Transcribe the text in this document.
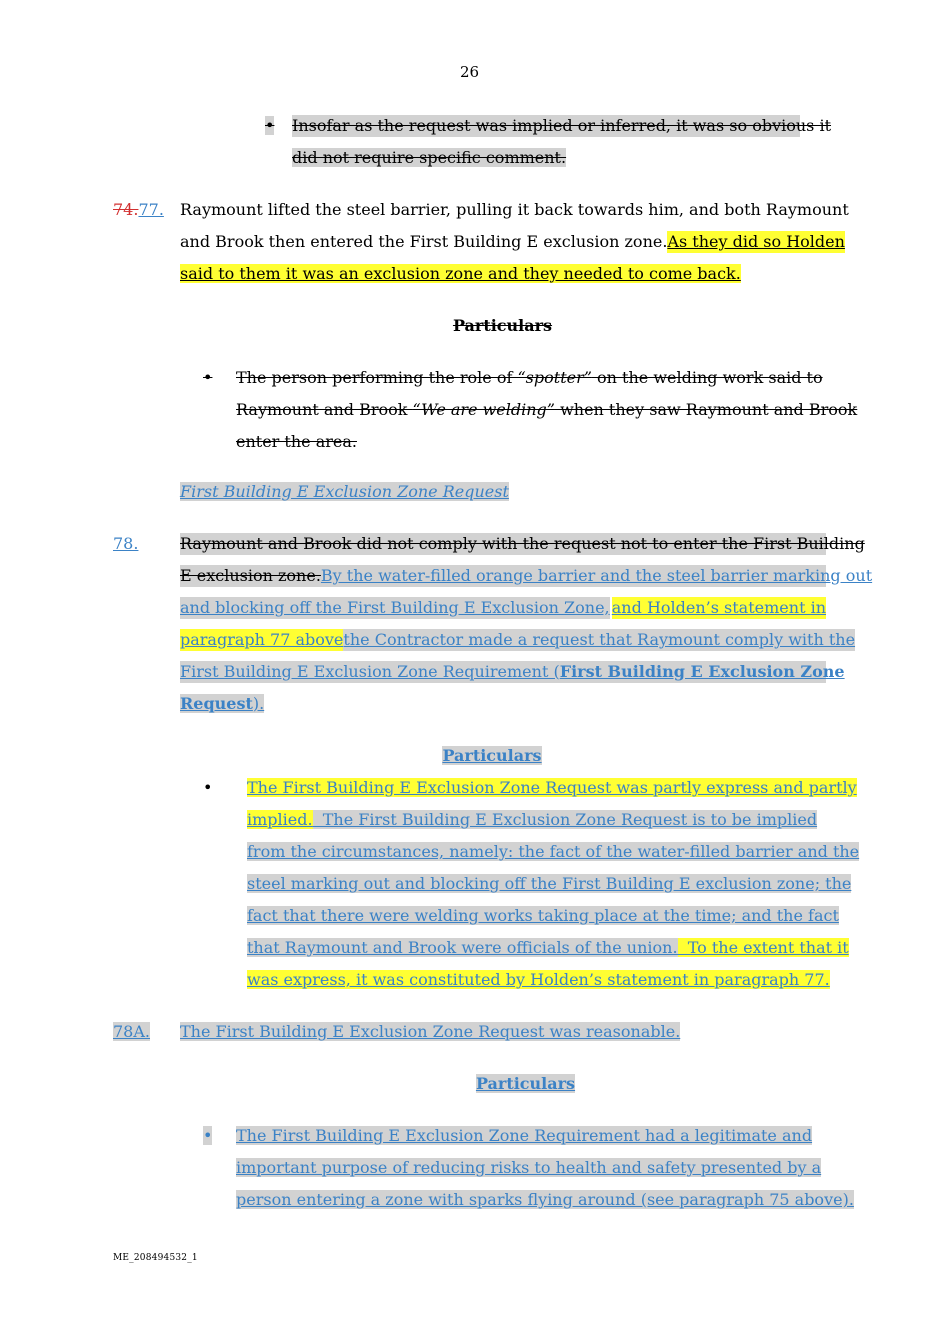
26
• Insofar as the request was implied or inferred, it was so obvious it
did not require specific comment.
74.77. Raymount lifted the steel barrier, pulling it back towards him, and both Raymount
and Brook then entered the First Building E exclusion zone. As they did so Holden
said to them it was an exclusion zone and they needed to come back.
Particulars
• The person performing the role of “spotter” on the welding work said to
Raymount and Brook “We are welding” when they saw Raymount and Brook
enter the area.
First Building E Exclusion Zone Request
78.	Raymount and Brook did not comply with the request not to enter the First Building
E exclusion zone. By the water-filled orange barrier and the steel barrier marking out
and blocking off the First Building E Exclusion Zone, and Holden’s statement in
paragraph 77 above the Contractor made a request that Raymount comply with the
First Building E Exclusion Zone Requirement ( First Building E Exclusion Zone
Request).
Particulars
• The First Building E Exclusion Zone Request was partly express and partly
implied.  The First Building E Exclusion Zone Request is to be implied
from the circumstances, namely: the fact of the water-filled barrier and the
steel marking out and blocking off the First Building E exclusion zone; the
fact that there were welding works taking place at the time; and the fact
that Raymount and Brook were officials of the union.  To the extent that it
was express, it was constituted by Holden’s statement in paragraph 77.
78A. The First Building E Exclusion Zone Request was reasonable.
Particulars
• The First Building E Exclusion Zone Requirement had a legitimate and
important purpose of reducing risks to health and safety presented by a
person entering a zone with sparks flying around (see paragraph 75 above).
ME_208494532_1
